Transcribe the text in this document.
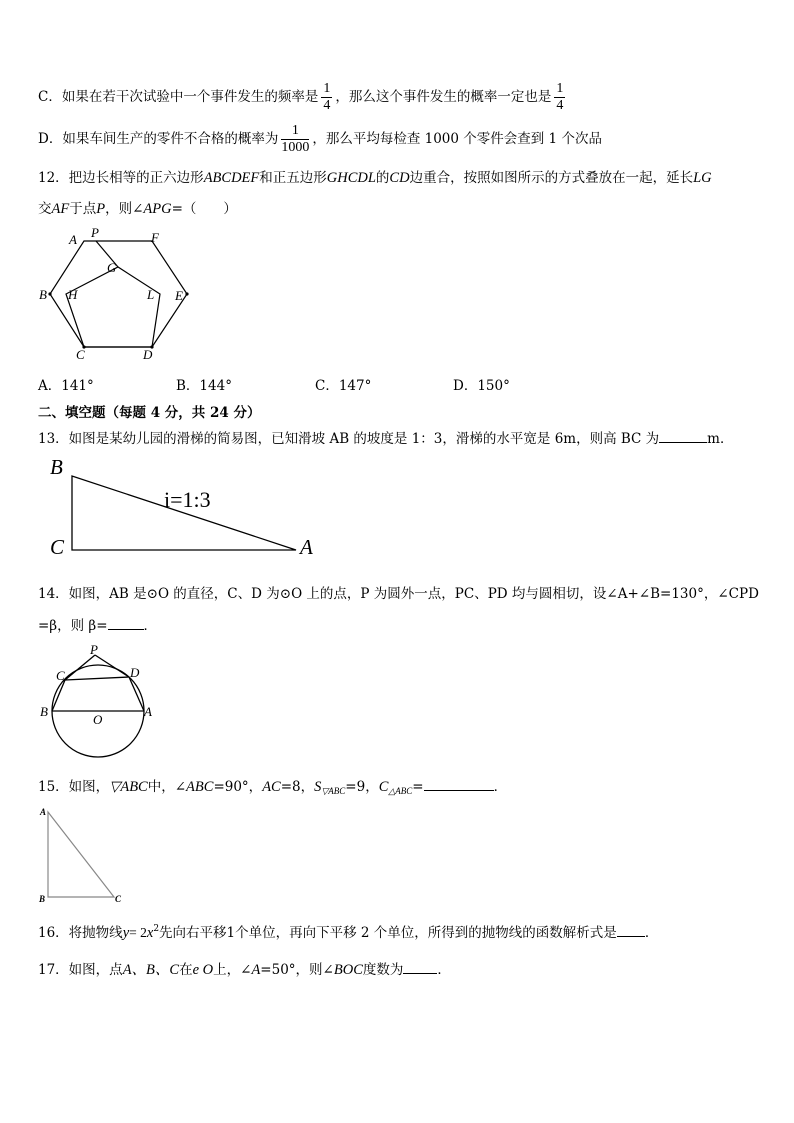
C．如果在若干次试验中一个事件发生的频率是 $\frac{1}{4}$ ，那么这个事件发生的概率一定也是 $\frac{1}{4}$
D．如果车间生产的零件不合格的概率为 $\frac{1}{1000}$ ，那么平均每检查 1000 个零件会查到 1 个次品
12．把边长相等的正六边形ABCDEF和正五边形GHCDL的CD边重合，按照如图所示的方式叠放在一起，延长LG
交AF于点P，则∠APG=（　　）
A P	F
G
B H	L E
C	D
A．141°	B．144°	C．147°	D．150°
二、填空题（每题 4 分，共 24 分）
13．如图是某幼儿园的滑梯的简易图，已知滑坡 AB 的坡度是 1：3，滑梯的水平宽是 6m，则高 BC 为	m．
B
C	A
i=1:3
14．如图，AB 是⊙O 的直径，C、D 为⊙O 上的点，P 为圆外一点，PC、PD 均与圆相切，设∠A+∠B=130°，∠CPD
=β，则 β=	．
P
C	D
B
O
A
15．如图，▽ABC中，∠ABC=90°，AC=8，$S_{▽ABC}=9$，$C_{\triangle ABC}=$	．
A
B	C
16．将抛物线$y= 2x^2$先向右平移1个单位，再向下平移 2 个单位，所得到的抛物线的函数解析式是 ．
17．如图，点A、B、C在e O上，∠A=50°，则∠BOC度数为	．
